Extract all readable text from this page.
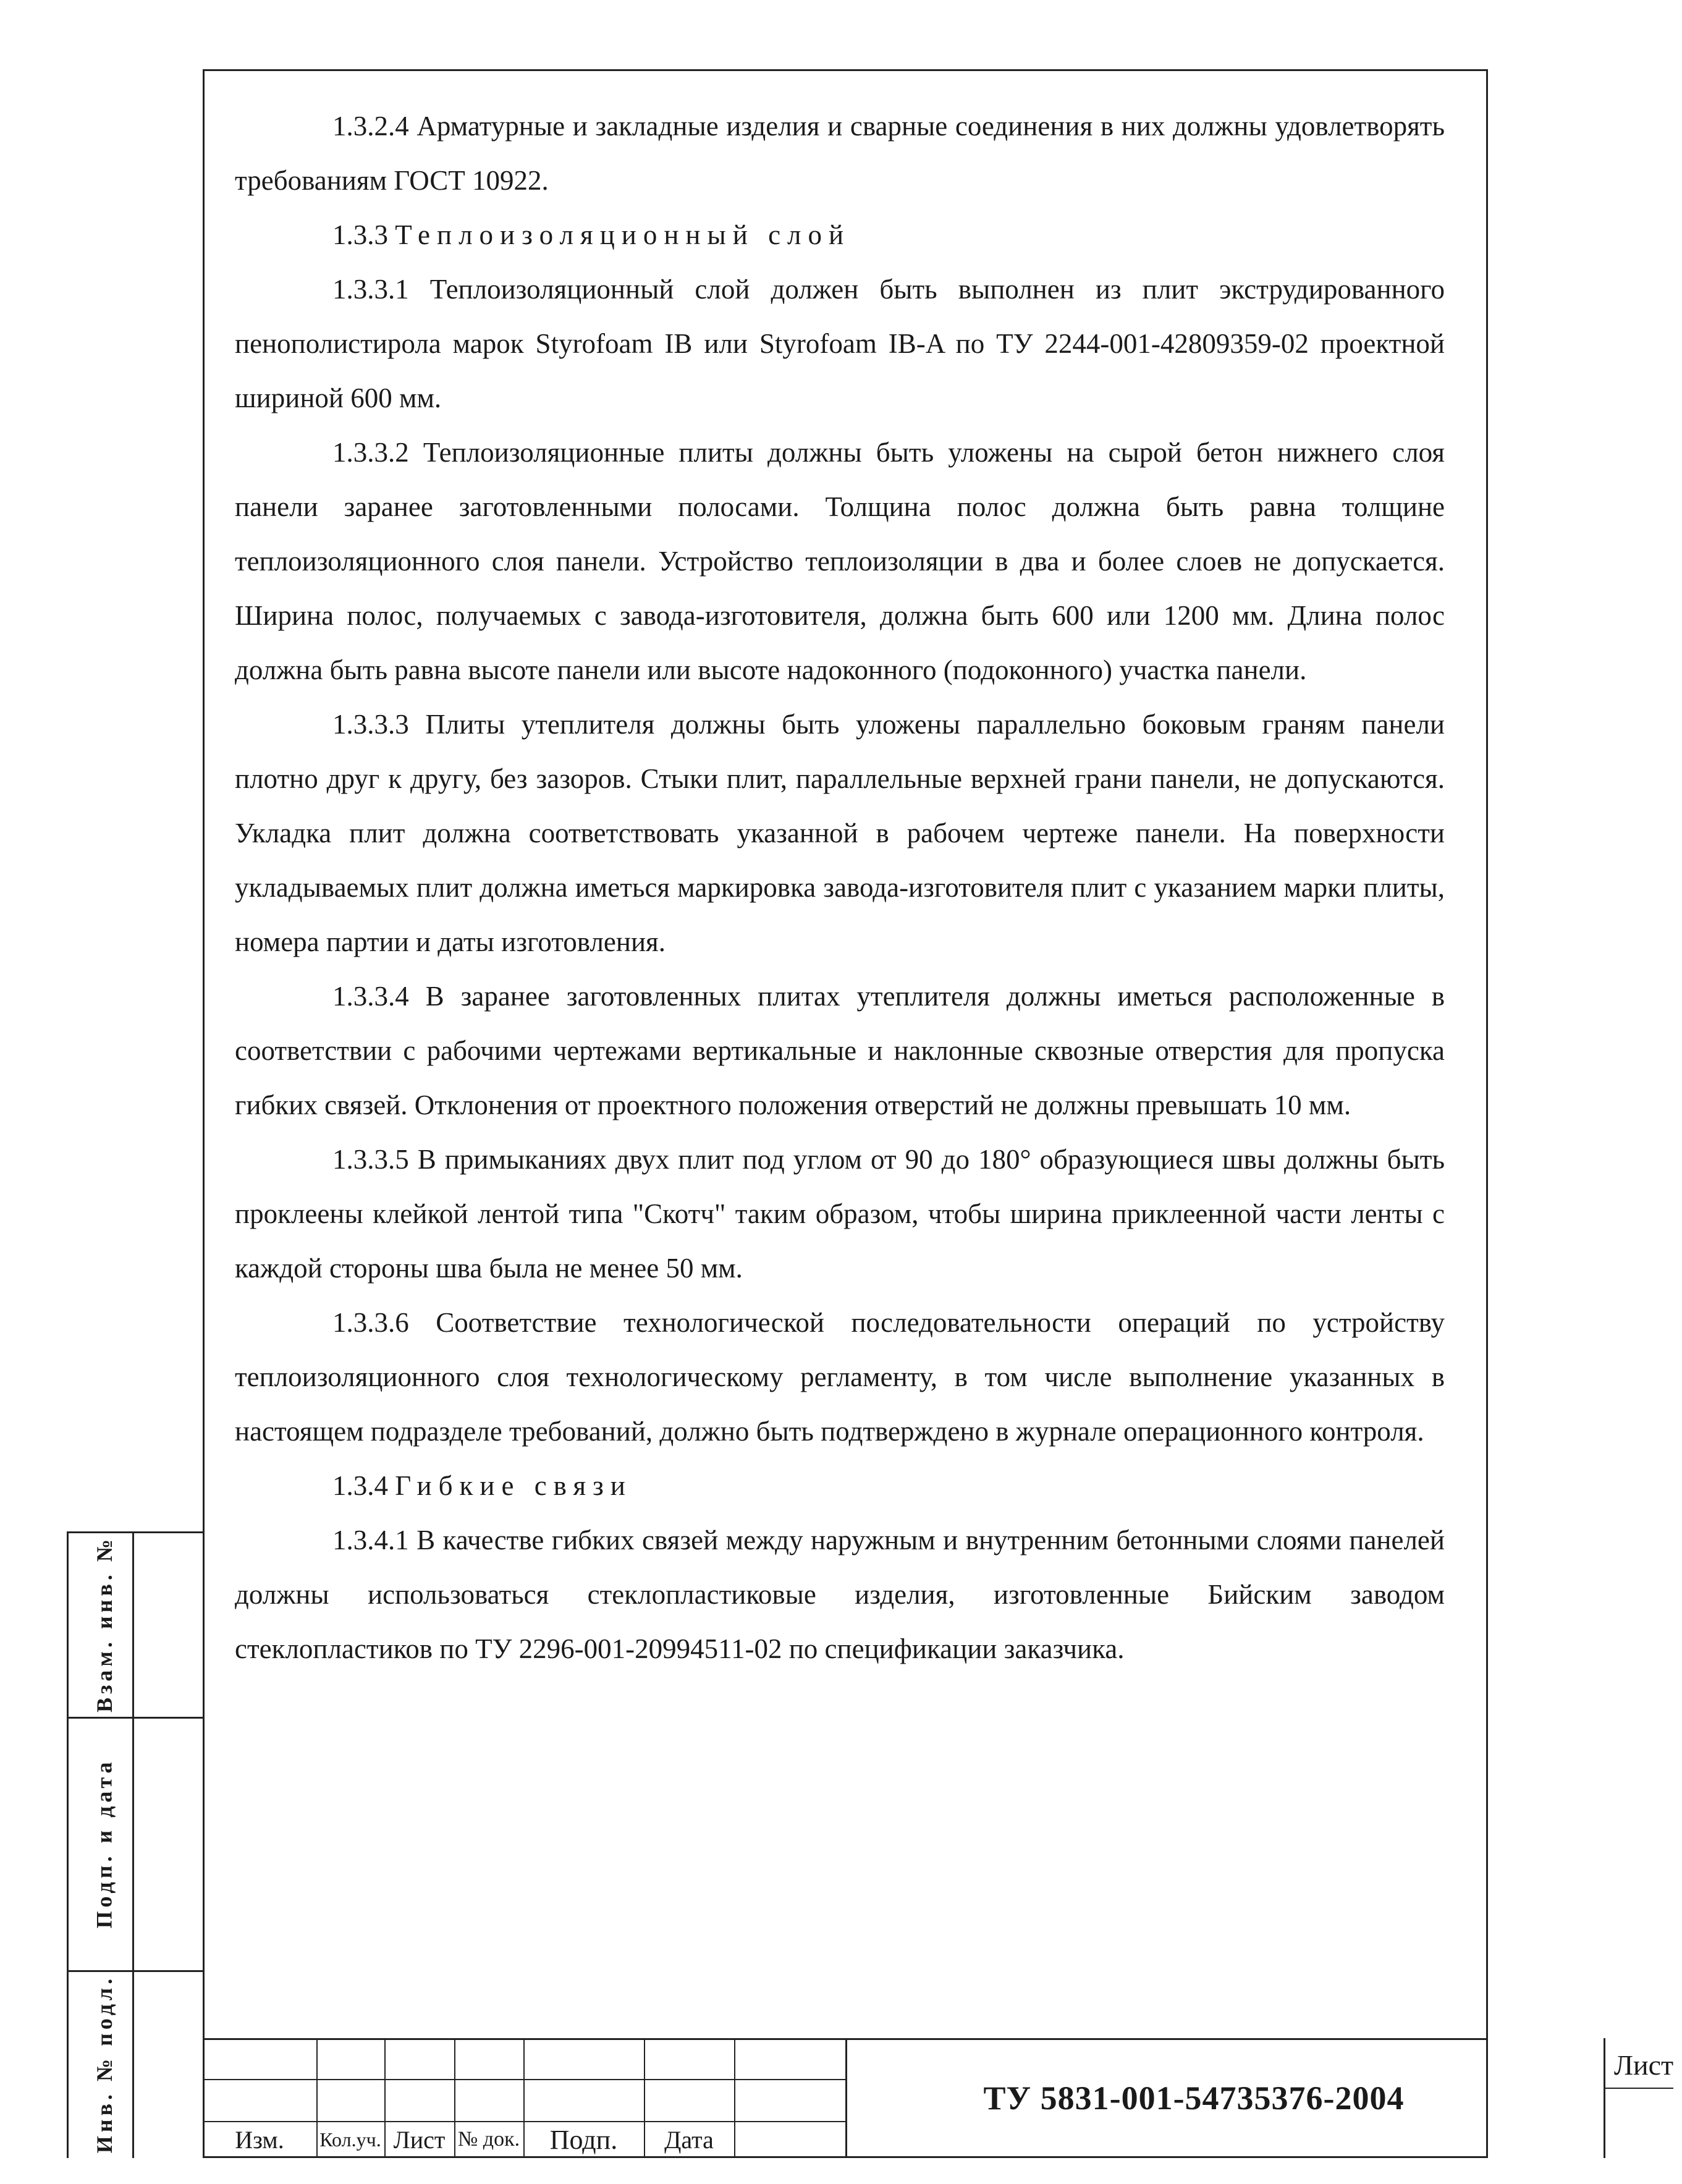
1.3.2.4 Арматурные и закладные изделия и сварные соединения в них должны удовлетворять требованиям ГОСТ 10922.

1.3.3 Теплоизоляционный слой

1.3.3.1 Теплоизоляционный слой должен быть выполнен из плит экструдированного пенополистирола марок Styrofoam IB или Styrofoam IB-A по ТУ 2244-001-42809359-02 проектной шириной 600 мм.

1.3.3.2 Теплоизоляционные плиты должны быть уложены на сырой бетон нижнего слоя панели заранее заготовленными полосами. Толщина полос должна быть равна толщине теплоизоляционного слоя панели. Устройство теплоизоляции в два и более слоев не допускается. Ширина полос, получаемых с завода-изготовителя, должна быть 600 или 1200 мм. Длина полос должна быть равна высоте панели или высоте надоконного (подоконного) участка панели.

1.3.3.3 Плиты утеплителя должны быть уложены параллельно боковым граням панели плотно друг к другу, без зазоров. Стыки плит, параллельные верхней грани панели, не допускаются. Укладка плит должна соответствовать указанной в рабочем чертеже панели. На поверхности укладываемых плит должна иметься маркировка завода-изготовителя плит с указанием марки плиты, номера партии и даты изготовления.

1.3.3.4 В заранее заготовленных плитах утеплителя должны иметься расположенные в соответствии с рабочими чертежами вертикальные и наклонные сквозные отверстия для пропуска гибких связей. Отклонения от проектного положения отверстий не должны превышать 10 мм.

1.3.3.5 В примыканиях двух плит под углом от 90 до 180° образующиеся швы должны быть проклеены клейкой лентой типа "Скотч" таким образом, чтобы ширина приклеенной части ленты с каждой стороны шва была не менее 50 мм.

1.3.3.6 Соответствие технологической последовательности операций по устройству теплоизоляционного слоя технологическому регламенту, в том числе выполнение указанных в настоящем подразделе требований, должно быть подтверждено в журнале операционного контроля.

1.3.4 Гибкие связи

1.3.4.1 В качестве гибких связей между наружным и внутренним бетонными слоями панелей должны использоваться стеклопластиковые изделия, изготовленные Бийским заводом стеклопластиков по ТУ 2296-001-20994511-02 по спецификации заказчика.

Взам. инв. №
Подп. и дата
Инв. № подл.	Изм.	Кол.уч. Лист № док.	Подп.	Дата
ТУ 5831-001-54735376-2004
Лист
